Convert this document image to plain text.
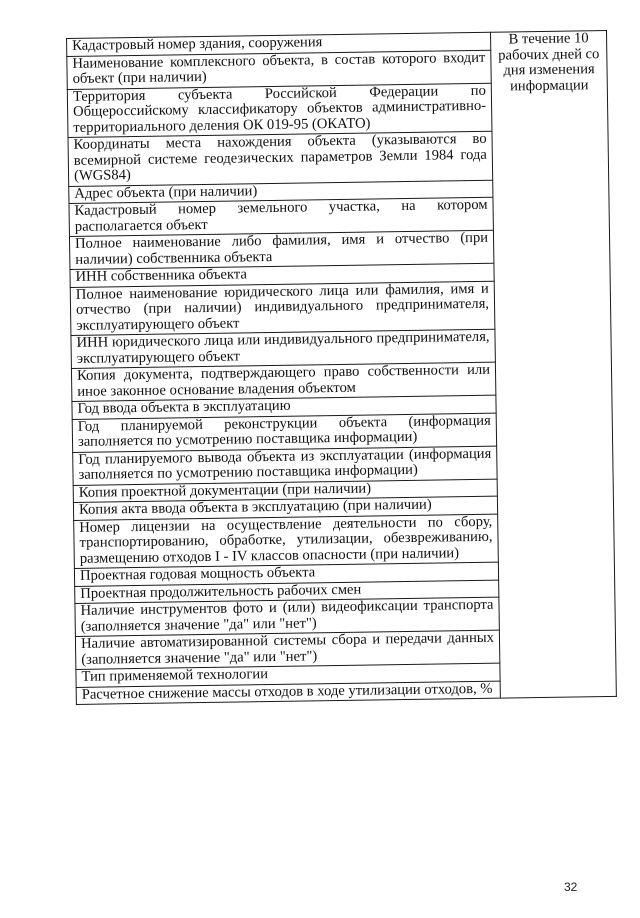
Кадастровый номер здания, сооружения	В течение 10 рабочих дней со дня изменения информации
Наименование комплексного объекта, в состав которого входит объект (при наличии)
Территория субъекта Российской Федерации по Общероссийскому классификатору объектов административно-территориального деления ОК 019-95 (ОКАТО)
Координаты места нахождения объекта (указываются во всемирной системе геодезических параметров Земли 1984 года (WGS84)
Адрес объекта (при наличии)
Кадастровый номер земельного участка, на котором располагается объект
Полное наименование либо фамилия, имя и отчество (при наличии) собственника объекта
ИНН собственника объекта
Полное наименование юридического лица или фамилия, имя и отчество (при наличии) индивидуального предпринимателя, эксплуатирующего объект
ИНН юридического лица или индивидуального предпринимателя, эксплуатирующего объект
Копия документа, подтверждающего право собственности или иное законное основание владения объектом
Год ввода объекта в эксплуатацию
Год планируемой реконструкции объекта (информация заполняется по усмотрению поставщика информации)
Год планируемого вывода объекта из эксплуатации (информация заполняется по усмотрению поставщика информации)
Копия проектной документации (при наличии)
Копия акта ввода объекта в эксплуатацию (при наличии)
Номер лицензии на осуществление деятельности по сбору, транспортированию, обработке, утилизации, обезвреживанию, размещению отходов I - IV классов опасности (при наличии)
Проектная годовая мощность объекта
Проектная продолжительность рабочих смен
Наличие инструментов фото и (или) видеофиксации транспорта (заполняется значение "да" или "нет")
Наличие автоматизированной системы сбора и передачи данных (заполняется значение "да" или "нет")
Тип применяемой технологии
Расчетное снижение массы отходов в ходе утилизации отходов, %
32
